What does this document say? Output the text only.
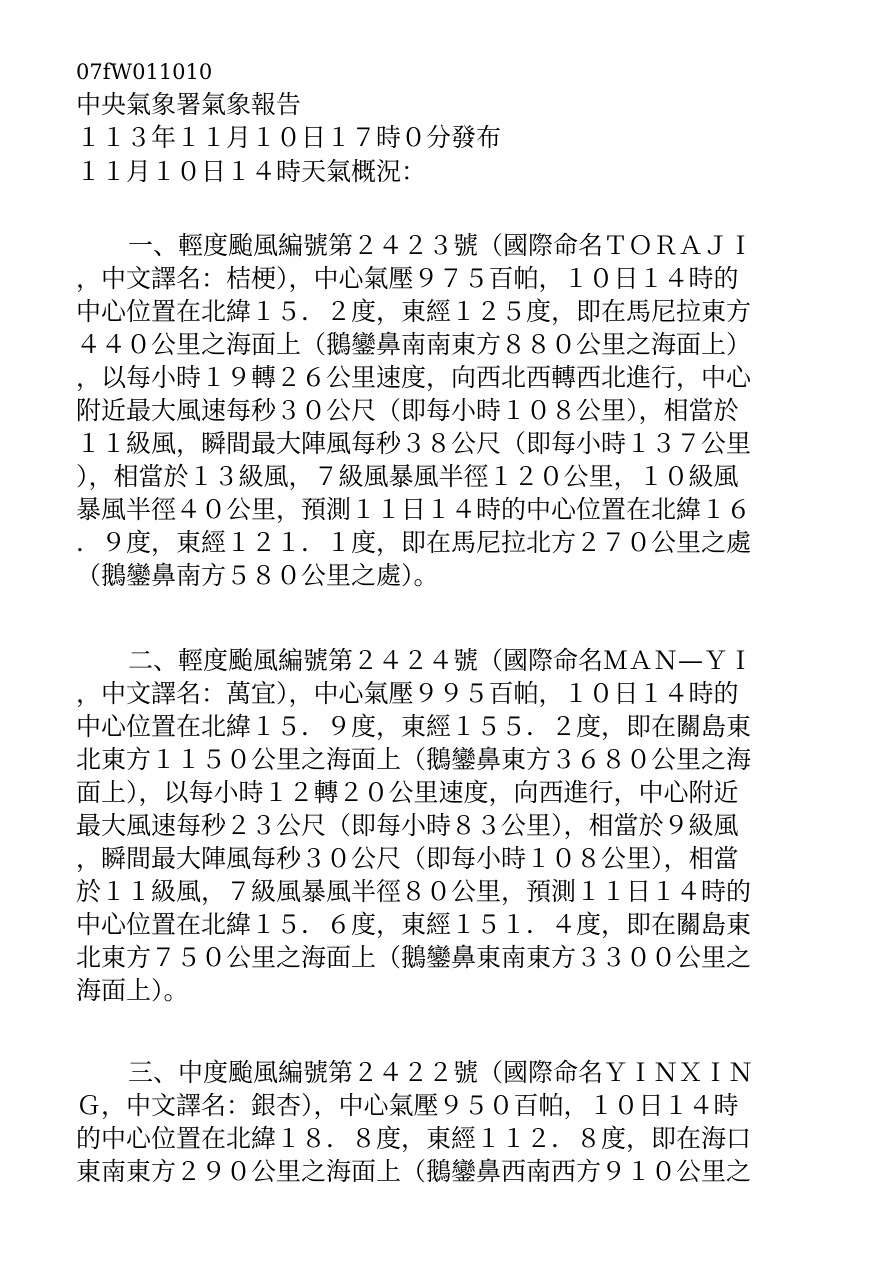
07fW011010
中央氣象署氣象報告
１１３年１１月１０日１７時０分發布
１１月１０日１４時天氣概況：
一、輕度颱風編號第２４２３號（國際命名ＴＯＲＡＪＩ
，中文譯名：桔梗），中心氣壓９７５百帕，１０日１４時的
中心位置在北緯１５．２度，東經１２５度，即在馬尼拉東方
４４０公里之海面上（鵝鑾鼻南南東方８８０公里之海面上）
，以每小時１９轉２６公里速度，向西北西轉西北進行，中心
附近最大風速每秒３０公尺（即每小時１０８公里），相當於
１１級風，瞬間最大陣風每秒３８公尺（即每小時１３７公里
），相當於１３級風，７級風暴風半徑１２０公里，１０級風
暴風半徑４０公里，預測１１日１４時的中心位置在北緯１６
．９度，東經１２１．１度，即在馬尼拉北方２７０公里之處
（鵝鑾鼻南方５８０公里之處）。
二、輕度颱風編號第２４２４號（國際命名ＭＡＮ—ＹＩ
，中文譯名：萬宜），中心氣壓９９５百帕，１０日１４時的
中心位置在北緯１５．９度，東經１５５．２度，即在關島東
北東方１１５０公里之海面上（鵝鑾鼻東方３６８０公里之海
面上），以每小時１２轉２０公里速度，向西進行，中心附近
最大風速每秒２３公尺（即每小時８３公里），相當於９級風
，瞬間最大陣風每秒３０公尺（即每小時１０８公里），相當
於１１級風，７級風暴風半徑８０公里，預測１１日１４時的
中心位置在北緯１５．６度，東經１５１．４度，即在關島東
北東方７５０公里之海面上（鵝鑾鼻東南東方３３００公里之
海面上）。
三、中度颱風編號第２４２２號（國際命名ＹＩＮＸＩＮ
Ｇ，中文譯名：銀杏），中心氣壓９５０百帕，１０日１４時
的中心位置在北緯１８．８度，東經１１２．８度，即在海口
東南東方２９０公里之海面上（鵝鑾鼻西南西方９１０公里之
